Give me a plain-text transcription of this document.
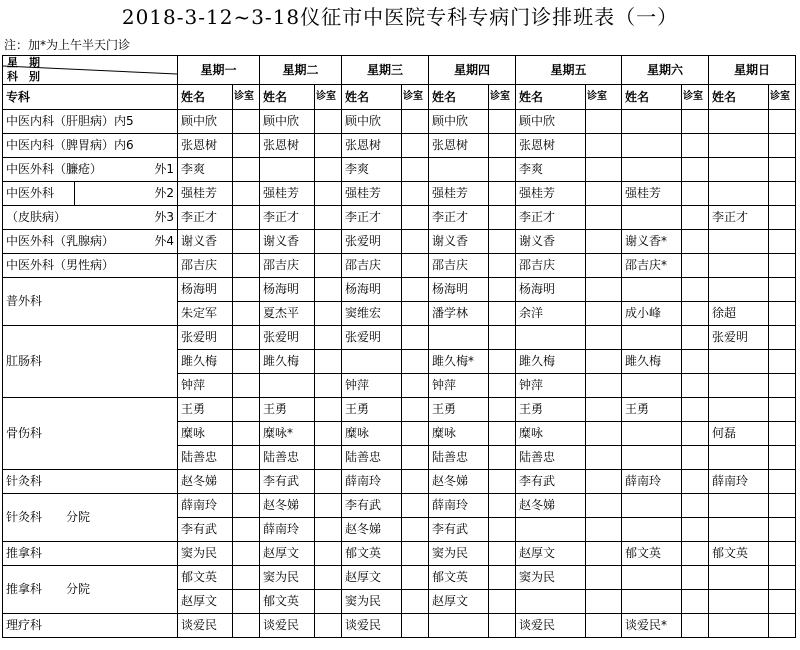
2018-3-12~3-18仪征市中医院专科专病门诊排班表（一）
注：加*为上午半天门诊
星　期
科　别	星期一		星期二		星期三		星期四		星期五		星期六		星期日	
专科	姓名	诊室	姓名	诊室	姓名	诊室	姓名	诊室	姓名	诊室	姓名	诊室	姓名	诊室
中医内科（肝胆病）内5	顾中欣		顾中欣		顾中欣		顾中欣		顾中欣					
中医内科（脾胃病）内6	张恩树		张恩树		张恩树		张恩树		张恩树					
中医外科（臁疮） 外1	李爽				李爽				李爽					

中医外科 外2	强桂芳		强桂芳		强桂芳		强桂芳		强桂芳		强桂芳			
（皮肤病） 外3	李正才		李正才		李正才		李正才		李正才				李正才	
中医外科（乳腺病） 外4	谢义香		谢义香		张爱明		谢义香		谢义香		谢义香*			
中医外科（男性病）	邵吉庆		邵吉庆		邵吉庆		邵吉庆		邵吉庆		邵吉庆*			
普外科	杨海明		杨海明		杨海明		杨海明		杨海明					
	朱定军		夏杰平		窦维宏		潘学林		余洋		成小峰		徐超	
肛肠科	张爱明		张爱明		张爱明								张爱明	
	雎久梅		雎久梅				雎久梅*		雎久梅		雎久梅			
	钟萍				钟萍		钟萍		钟萍					
骨伤科	王勇		王勇		王勇		王勇		王勇		王勇			
	糜咏		糜咏*		糜咏		糜咏		糜咏				何磊	
	陆善忠		陆善忠		陆善忠		陆善忠		陆善忠					
针灸科	赵冬娣		李有武		薛南玲		赵冬娣		李有武		薛南玲		薛南玲	
针灸科 分院	薛南玲		赵冬娣		李有武		薛南玲		赵冬娣					
	李有武		薛南玲		赵冬娣		李有武							
推拿科	窦为民		赵厚文		郁文英		窦为民		赵厚文		郁文英		郁文英	
推拿科 分院	郁文英		窦为民		赵厚文		郁文英		窦为民					
	赵厚文		郁文英		窦为民		赵厚文							
理疗科	谈爱民		谈爱民		谈爱民				谈爱民		谈爱民*			
